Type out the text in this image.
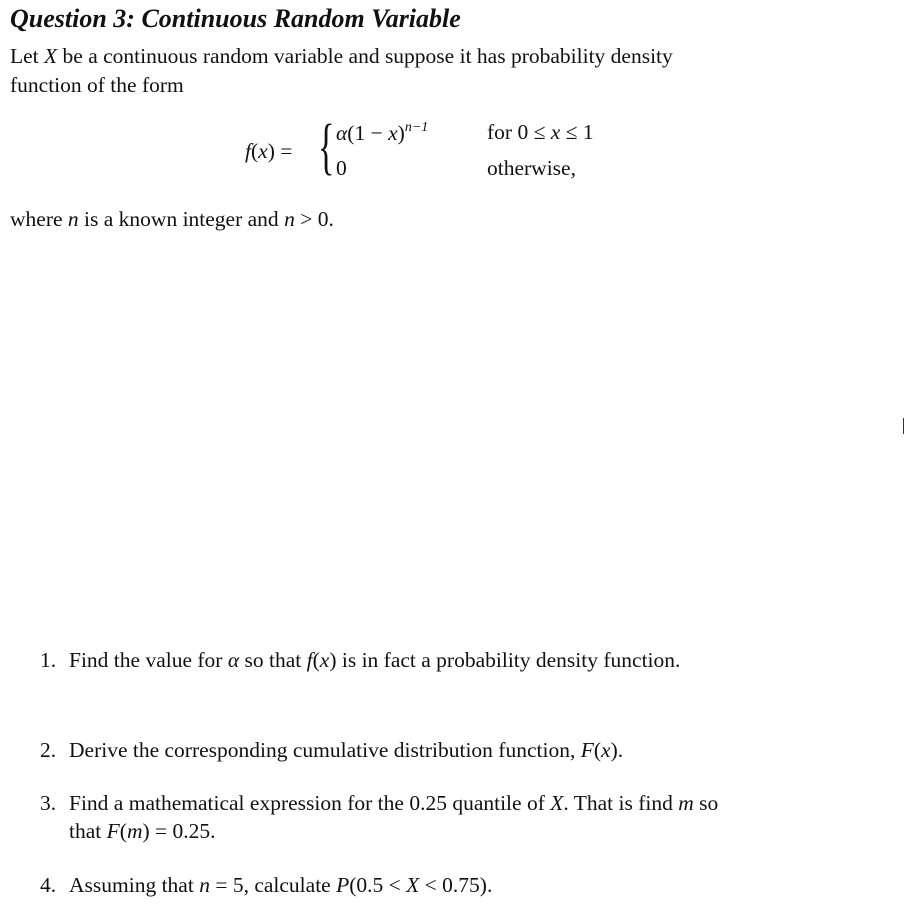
Question 3: Continuous Random Variable
Let X be a continuous random variable and suppose it has probability density
function of the form
f(x) = { $\alpha(1 - x)^{n-1}$	for 0 ≤ x ≤ 1
0	otherwise,
where n is a known integer and n > 0.
1. Find the value for α so that f(x) is in fact a probability density function.
2. Derive the corresponding cumulative distribution function, F(x).
3. Find a mathematical expression for the 0.25 quantile of X. That is find m so
that F(m) = 0.25.
4. Assuming that n = 5, calculate P(0.5 < X < 0.75).
